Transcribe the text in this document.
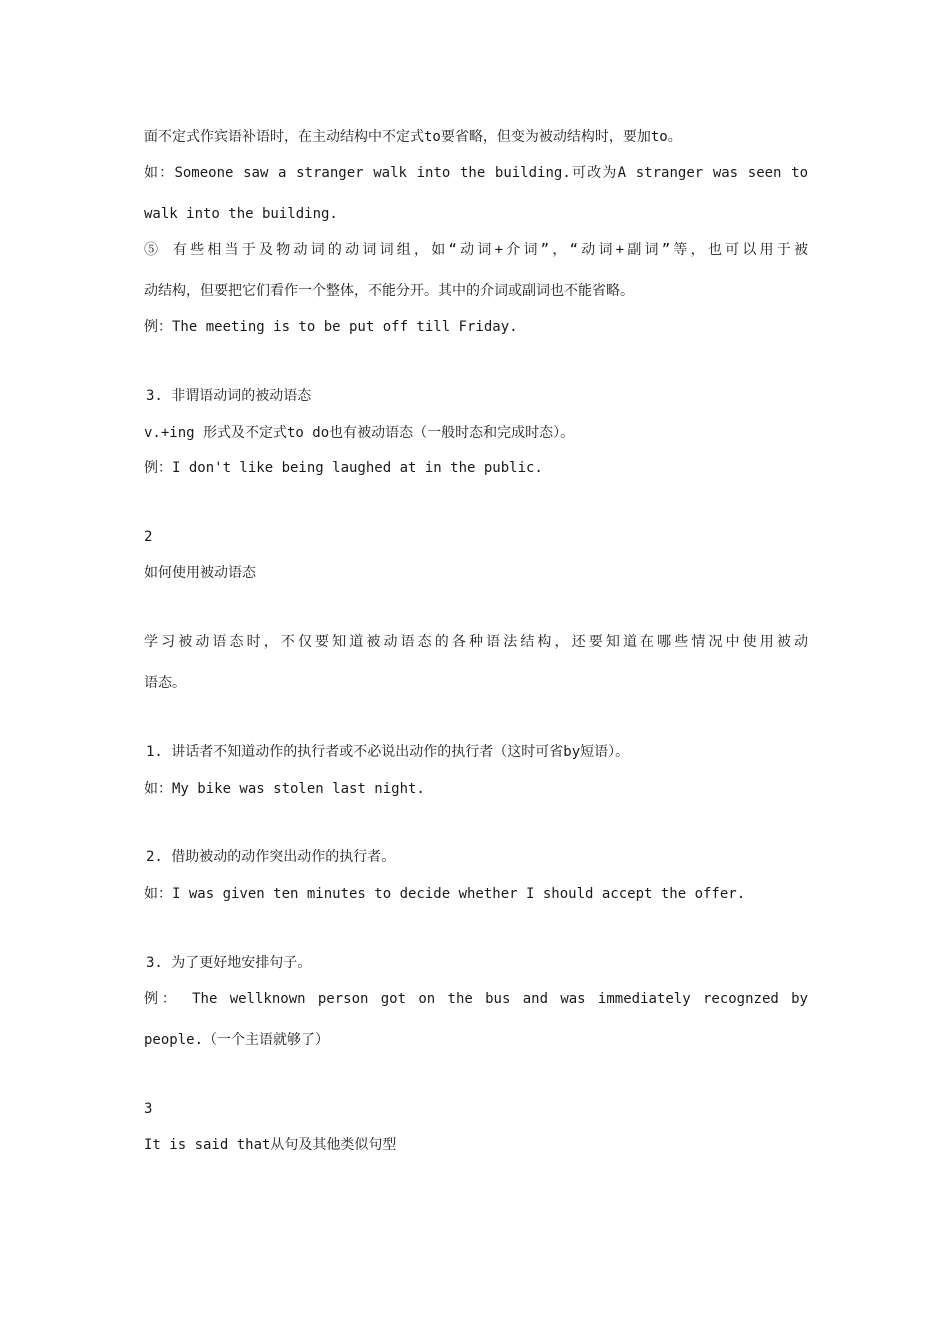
面不定式作宾语补语时，在主动结构中不定式to要省略，但变为被动结构时，要加to。
如：Someone saw a stranger walk into the building.可改为A stranger was seen to
walk into the building.
⑤ 有些相当于及物动词的动词词组，如“动词+介词”，“动词+副词”等，也可以用于被
动结构，但要把它们看作一个整体，不能分开。其中的介词或副词也不能省略。
例：The meeting is to be put off till Friday.
3. 非谓语动词的被动语态
v.+ing 形式及不定式to do也有被动语态（一般时态和完成时态）。
例：I don't like being laughed at in the public.
2
如何使用被动语态
学习被动语态时，不仅要知道被动语态的各种语法结构，还要知道在哪些情况中使用被动
语态。
1. 讲话者不知道动作的执行者或不必说出动作的执行者（这时可省by短语）。
如：My bike was stolen last night.
2. 借助被动的动作突出动作的执行者。
如：I was given ten minutes to decide whether I should accept the offer.
3. 为了更好地安排句子。
例： The wellknown person got on the bus and was immediately recognzed by
people.（一个主语就够了）
3
It is said that从句及其他类似句型
